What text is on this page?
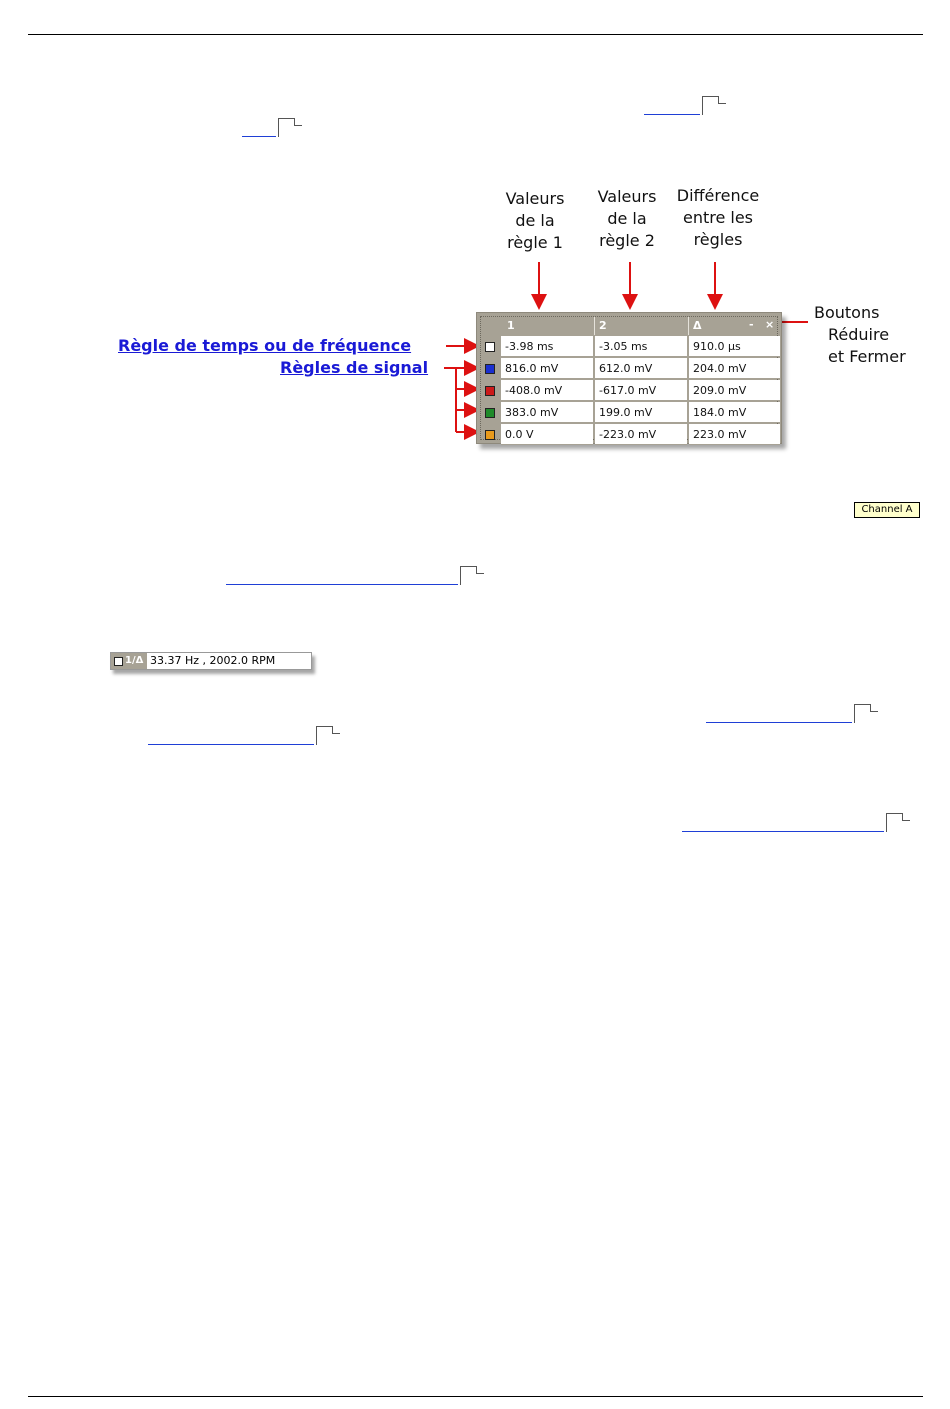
Valeurs
de la
règle 1
Valeurs
de la
règle 2
Différence
entre les
règles
Boutons
Réduire
et Fermer
Règle de temps ou de fréquence
Règles de signal
1	2	Δ	- ×
-3.98 ms	-3.05 ms	910.0 µs
816.0 mV	612.0 mV	204.0 mV
-408.0 mV	-617.0 mV	209.0 mV
383.0 mV	199.0 mV	184.0 mV
0.0 V	-223.0 mV	223.0 mV
Channel A
1/Δ 33.37 Hz , 2002.0 RPM
